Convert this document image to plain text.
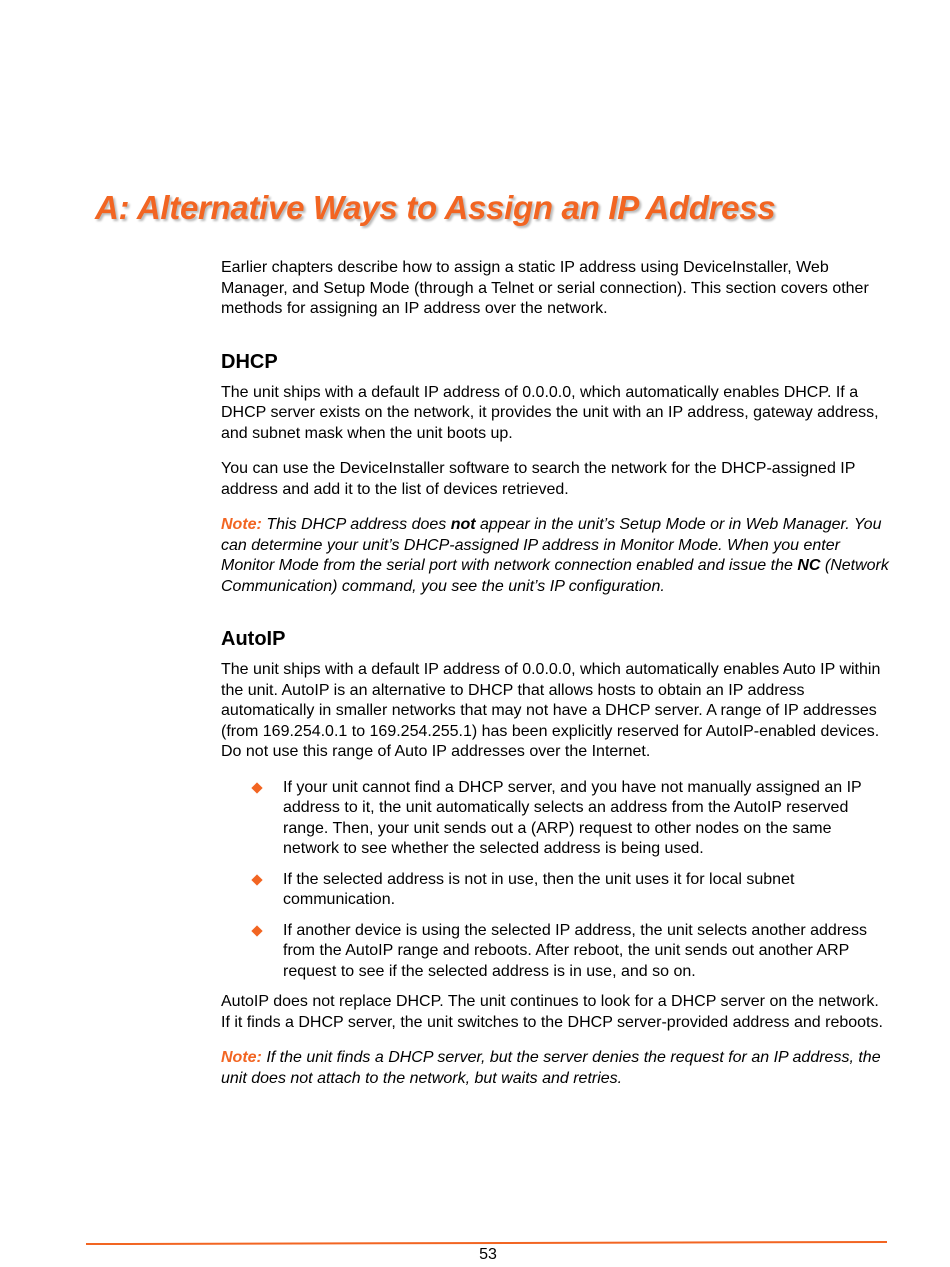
A: Alternative Ways to Assign an IP Address

Earlier chapters describe how to assign a static IP address using DeviceInstaller, Web Manager, and Setup Mode (through a Telnet or serial connection). This section covers other methods for assigning an IP address over the network.

DHCP

The unit ships with a default IP address of 0.0.0.0, which automatically enables DHCP. If a DHCP server exists on the network, it provides the unit with an IP address, gateway address, and subnet mask when the unit boots up.

You can use the DeviceInstaller software to search the network for the DHCP-assigned IP address and add it to the list of devices retrieved.

Note: This DHCP address does not appear in the unit’s Setup Mode or in Web Manager. You can determine your unit’s DHCP-assigned IP address in Monitor Mode. When you enter Monitor Mode from the serial port with network connection enabled and issue the NC (Network Communication) command, you see the unit’s IP configuration.

AutoIP

The unit ships with a default IP address of 0.0.0.0, which automatically enables Auto IP within the unit. AutoIP is an alternative to DHCP that allows hosts to obtain an IP address automatically in smaller networks that may not have a DHCP server. A range of IP addresses (from 169.254.0.1 to 169.254.255.1) has been explicitly reserved for AutoIP-enabled devices. Do not use this range of Auto IP addresses over the Internet.

If your unit cannot find a DHCP server, and you have not manually assigned an IP address to it, the unit automatically selects an address from the AutoIP reserved range. Then, your unit sends out a (ARP) request to other nodes on the same network to see whether the selected address is being used.
If the selected address is not in use, then the unit uses it for local subnet communication.
If another device is using the selected IP address, the unit selects another address from the AutoIP range and reboots. After reboot, the unit sends out another ARP request to see if the selected address is in use, and so on.

AutoIP does not replace DHCP. The unit continues to look for a DHCP server on the network. If it finds a DHCP server, the unit switches to the DHCP server-provided address and reboots.

Note: If the unit finds a DHCP server, but the server denies the request for an IP address, the unit does not attach to the network, but waits and retries.

53
